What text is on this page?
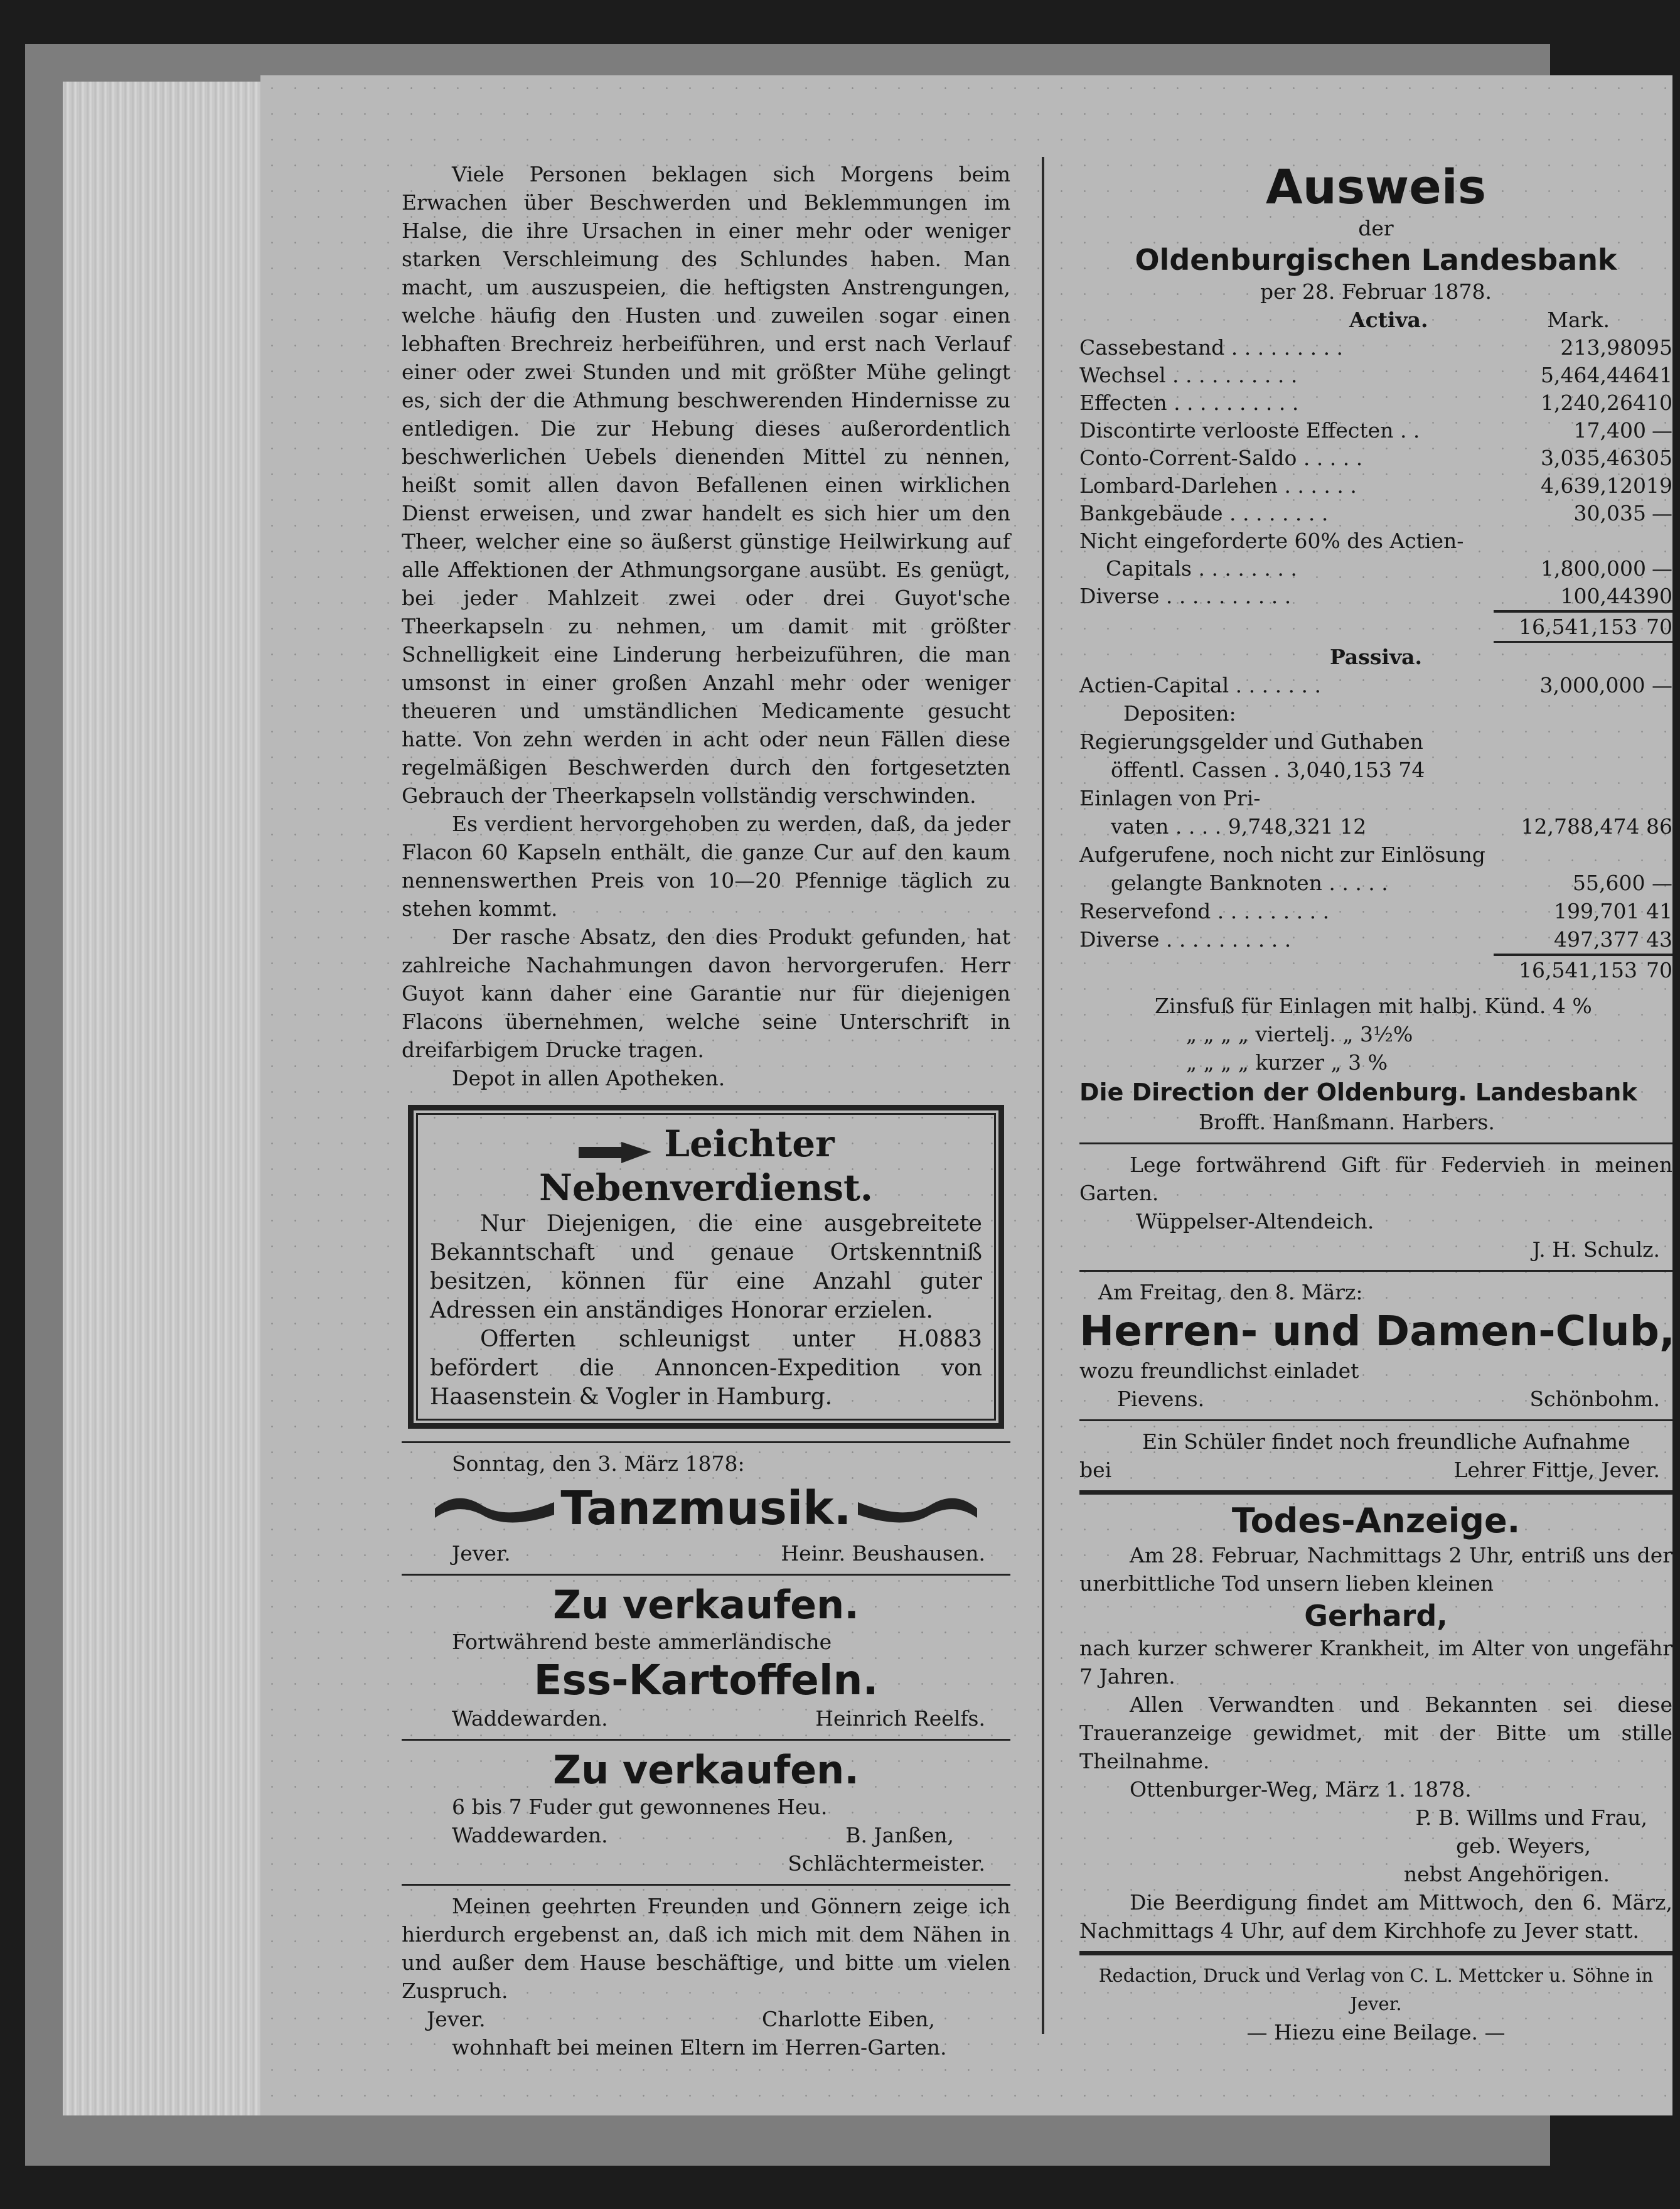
Viele Personen beklagen sich Morgens beim Erwachen über Beschwerden und Beklemmungen im Halse, die ihre Ursachen in einer mehr oder weniger starken Verschleimung des Schlundes haben. Man macht, um auszuspeien, die heftigsten Anstrengungen, welche häufig den Husten und zuweilen sogar einen lebhaften Brechreiz herbeiführen, und erst nach Verlauf einer oder zwei Stunden und mit größter Mühe gelingt es, sich der die Athmung beschwerenden Hindernisse zu entledigen. Die zur Hebung dieses außerordentlich beschwerlichen Uebels dienenden Mittel zu nennen, heißt somit allen davon Befallenen einen wirklichen Dienst erweisen, und zwar handelt es sich hier um den Theer, welcher eine so äußerst günstige Heilwirkung auf alle Affektionen der Athmungsorgane ausübt. Es genügt, bei jeder Mahlzeit zwei oder drei Guyot'sche Theerkapseln zu nehmen, um damit mit größter Schnelligkeit eine Linderung herbeizuführen, die man umsonst in einer großen Anzahl mehr oder weniger theueren und umständlichen Medicamente gesucht hatte. Von zehn werden in acht oder neun Fällen diese regelmäßigen Beschwerden durch den fortgesetzten Gebrauch der Theerkapseln vollständig verschwinden.

Es verdient hervorgehoben zu werden, daß, da jeder Flacon 60 Kapseln enthält, die ganze Cur auf den kaum nennenswerthen Preis von 10—20 Pfennige täglich zu stehen kommt.

Der rasche Absatz, den dies Produkt gefunden, hat zahlreiche Nachahmungen davon hervorgerufen. Herr Guyot kann daher eine Garantie nur für diejenigen Flacons übernehmen, welche seine Unterschrift in dreifarbigem Drucke tragen.

Depot in allen Apotheken.

Leichter Nebenverdienst.

Nur Diejenigen, die eine ausgebreitete Bekanntschaft und genaue Ortskenntniß besitzen, können für eine Anzahl guter Adressen ein anständiges Honorar erzielen.

Offerten schleunigst unter H.0883 befördert die Annoncen-Expedition von Haasenstein & Vogler in Hamburg.

Sonntag, den 3. März 1878:

Tanzmusik.
Jever.	Heinr. Beushausen.
Zu verkaufen.

Fortwährend beste ammerländische

Ess-Kartoffeln.
Waddewarden.	Heinrich Reelfs.
Zu verkaufen.

6 bis 7 Fuder gut gewonnenes Heu.

Waddewarden.	B. Janßen,

Schlächtermeister.

Meinen geehrten Freunden und Gönnern zeige ich hierdurch ergebenst an, daß ich mich mit dem Nähen in und außer dem Hause beschäftige, und bitte um vielen Zuspruch.

Jever.	Charlotte Eiben,

wohnhaft bei meinen Eltern im Herren-Garten.

Ausweis
der
Oldenburgischen Landesbank
per 28. Februar 1878.
Activa.	Mark.
Cassebestand . . . . . . . . .	213,980	95
Wechsel . . . . . . . . . .	5,464,446	41
Effecten . . . . . . . . . .	1,240,264	10
Discontirte verlooste Effecten . .	17,400	—
Conto-Corrent-Saldo . . . . .	3,035,463	05
Lombard-Darlehen . . . . . .	4,639,120	19
Bankgebäude . . . . . . . .	30,035	—
Nicht eingeforderte 60% des Actien-		
Capitals . . . . . . . .	1,800,000	—
Diverse . . . . . . . . . .	100,443	90
16,541,153 70
Passiva.
Actien-Capital . . . . . . .	3,000,000 —

Depositen:

Regierungsgelder und Guthaben

öffentl. Cassen . 3,040,153 74

Einlagen von Pri-

vaten . . . . 9,748,321 12	12,788,474 86

Aufgerufene, noch nicht zur Einlösung

gelangte Banknoten . . . . .	55,600 —
Reservefond . . . . . . . . .	199,701 41
Diverse . . . . . . . . . .	497,377 43
16,541,153 70

Zinsfuß für Einlagen mit halbj. Künd. 4 %

„ „ „ „ viertelj. „ 3½%

„ „ „ „ kurzer „ 3 %

Die Direction der Oldenburg. Landesbank

Brofft. Hanßmann. Harbers.

Lege fortwährend Gift für Federvieh in meinen Garten.

Wüppelser-Altendeich.

J. H. Schulz.

Am Freitag, den 8. März:

Herren- und Damen-Club,

wozu freundlichst einladet

Pievens.	Schönbohm.

Ein Schüler findet noch freundliche Aufnahme

bei	Lehrer Fittje, Jever.
Todes-Anzeige.

Am 28. Februar, Nachmittags 2 Uhr, entriß uns der unerbittliche Tod unsern lieben kleinen

Gerhard,

nach kurzer schwerer Krankheit, im Alter von ungefähr 7 Jahren.

Allen Verwandten und Bekannten sei diese Traueranzeige gewidmet, mit der Bitte um stille Theilnahme.

Ottenburger-Weg, März 1. 1878.

P. B. Willms und Frau,

geb. Weyers,

nebst Angehörigen.

Die Beerdigung findet am Mittwoch, den 6. März, Nachmittags 4 Uhr, auf dem Kirchhofe zu Jever statt.

Redaction, Druck und Verlag von C. L. Mettcker u. Söhne in Jever.

— Hiezu eine Beilage. —
